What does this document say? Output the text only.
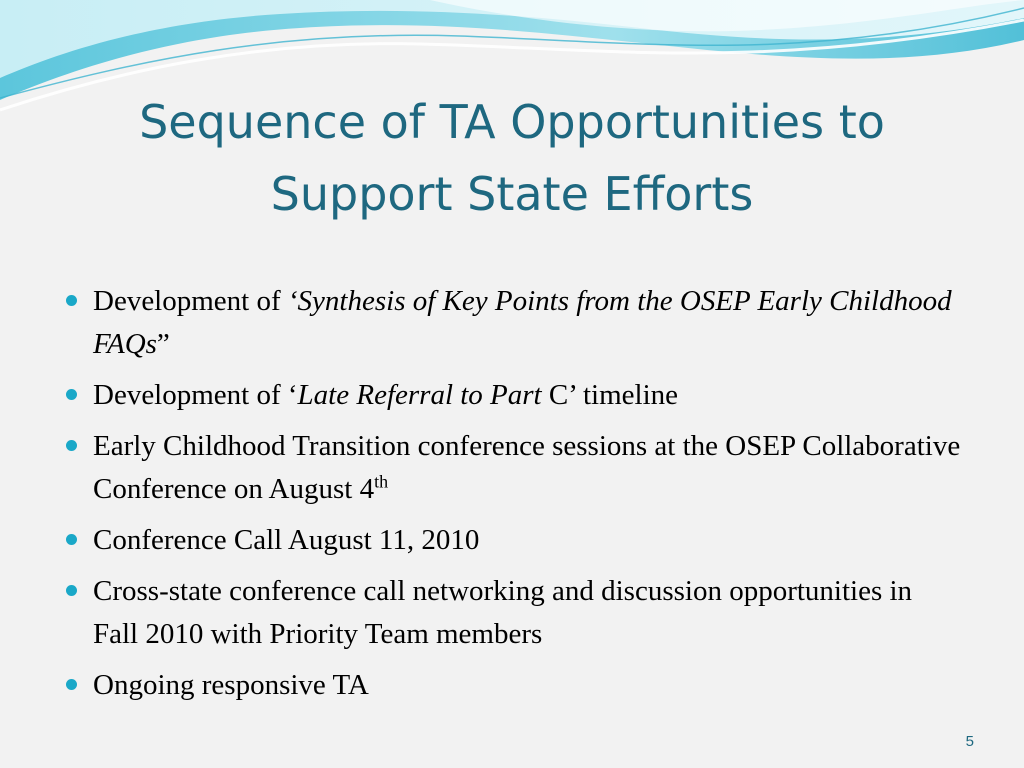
Sequence of TA Opportunities to
Support State Efforts
Development of ‘Synthesis of Key Points from the OSEP Early Childhood FAQs”
Development of ‘Late Referral to Part C’ timeline
Early Childhood Transition conference sessions at the OSEP Collaborative Conference on August 4th
Conference Call August 11, 2010
Cross-state conference call networking and discussion opportunities in Fall 2010 with Priority Team members
Ongoing responsive TA
5
